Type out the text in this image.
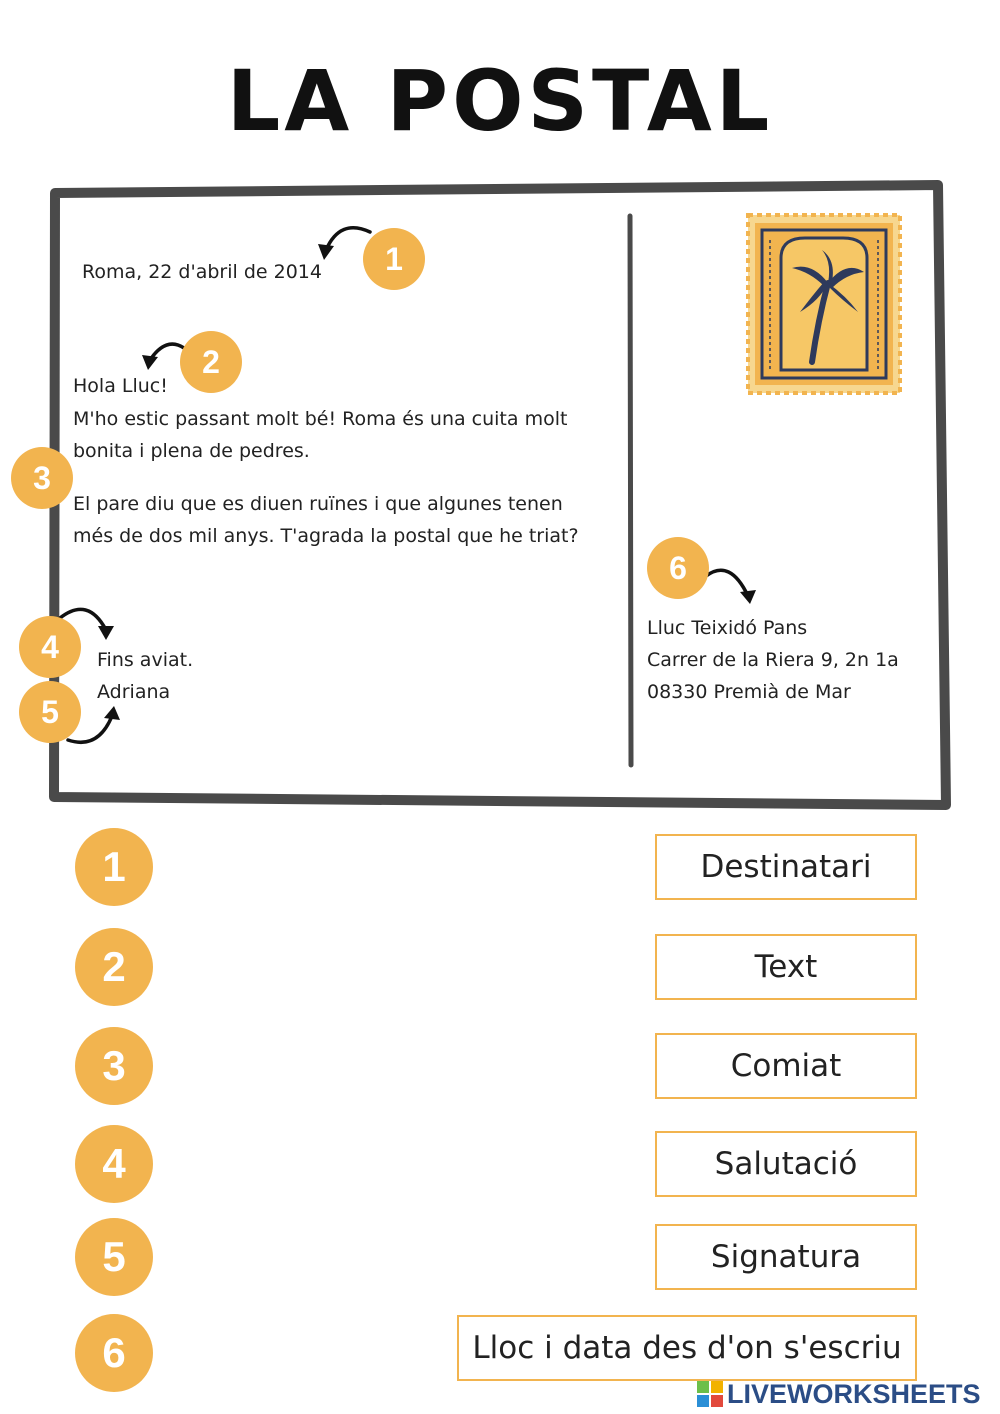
LA POSTAL
Roma, 22 d'abril de 2014
Hola Lluc!
M'ho estic passant molt bé! Roma és una cuita molt
bonita i plena de pedres.
El pare diu que es diuen ruïnes i que algunes tenen
més de dos mil anys. T'agrada la postal que he triat?
Fins aviat.
Adriana
Lluc Teixidó Pans
Carrer de la Riera 9, 2n 1a
08330 Premià de Mar
1
2
3
4
5
6
1
2
3
4
5
6
Destinatari
Text
Comiat
Salutació
Signatura
Lloc i data des d'on s'escriu
LIVEWORKSHEETS
